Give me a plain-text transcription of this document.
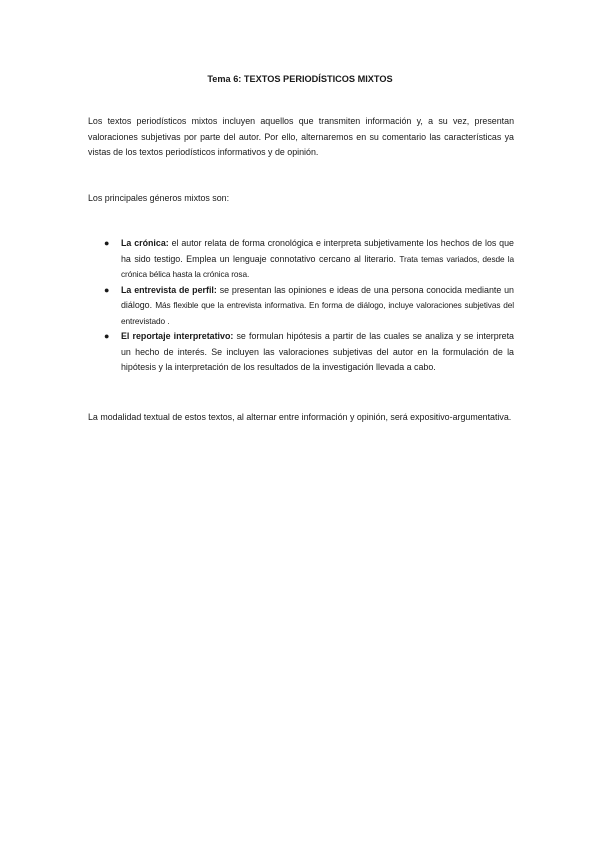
Tema 6: TEXTOS PERIODÍSTICOS MIXTOS

Los textos periodísticos mixtos incluyen aquellos que transmiten información y, a su vez, presentan valoraciones subjetivas por parte del autor. Por ello, alternaremos en su comentario las características ya vistas de los textos periodísticos informativos y de opinión.

Los principales géneros mixtos son:

● La crónica: el autor relata de forma cronológica e interpreta subjetivamente los hechos de los que ha sido testigo. Emplea un lenguaje connotativo cercano al literario. Trata temas variados, desde la crónica bélica hasta la crónica rosa.
● La entrevista de perfil: se presentan las opiniones e ideas de una persona conocida mediante un diálogo. Más flexible que la entrevista informativa. En forma de diálogo, incluye valoraciones subjetivas del entrevistado .
● El reportaje interpretativo: se formulan hipótesis a partir de las cuales se analiza y se interpreta un hecho de interés. Se incluyen las valoraciones subjetivas del autor en la formulación de la hipótesis y la interpretación de los resultados de la investigación llevada a cabo.

La modalidad textual de estos textos, al alternar entre información y opinión, será expositivo-argumentativa.
